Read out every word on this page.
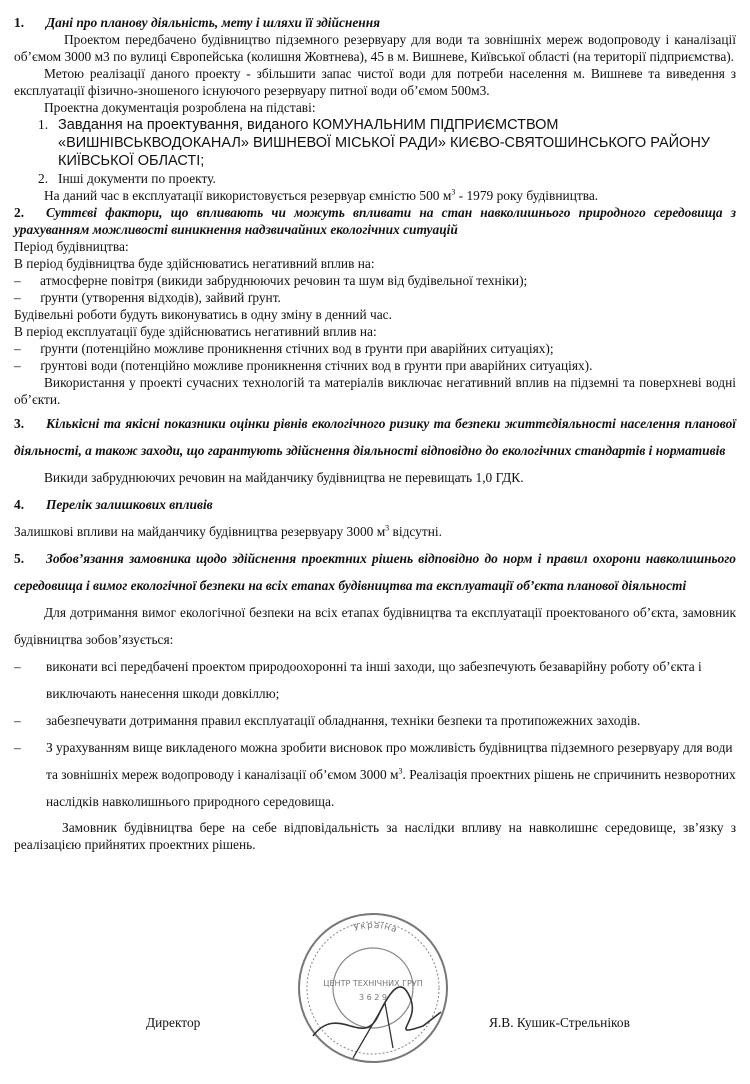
1. Дані про планову діяльність, мету і шляхи її здійснення

Проектом передбачено будівництво підземного резервуару для води та зовнішніх мереж водопроводу і каналізації об’ємом 3000 м3 по вулиці Європейська (колишня Жовтнева), 45 в м. Вишневе, Київської області (на території підприємства).

Метою реалізації даного проекту - збільшити запас чистої води для потреби населення м. Вишневе та виведення з експлуатації фізично-зношеного існуючого резервуару питної води об’ємом 500м3.

Проектна документація розроблена на підставі:

1. Завдання на проектування, виданого КОМУНАЛЬНИМ ПІДПРИЄМСТВОМ «ВИШНІВСЬКВОДОКАНАЛ» ВИШНЕВОЇ МІСЬКОЇ РАДИ» КИЄВО-СВЯТОШИНСЬКОГО РАЙОНУ КИЇВСЬКОЇ ОБЛАСТІ;
2. Інші документи по проекту.

На даний час в експлуатації використовується резервуар ємністю 500 $м^3 - 1979$ року будівництва.

2. Суттєві фактори, що впливають чи можуть впливати на стан навколишнього природного середовища з урахуванням можливості виникнення надзвичайних екологічних ситуацій

Період будівництва:

В період будівництва буде здійснюватись негативний вплив на:

–	атмосферне повітря (викиди забруднюючих речовин та шум від будівельної техніки);
–	ґрунти (утворення відходів), зайвий ґрунт.

Будівельні роботи будуть виконуватись в одну зміну в денний час.

В період експлуатації буде здійснюватись негативний вплив на:

–	ґрунти (потенційно можливе проникнення стічних вод в ґрунти при аварійних ситуаціях);
–	ґрунтові води (потенційно можливе проникнення стічних вод в ґрунти при аварійних ситуаціях).

Використання у проекті сучасних технологій та матеріалів виключає негативний вплив на підземні та поверхневі водні об’єкти.

3. Кількісні та якісні показники оцінки рівнів екологічного ризику та безпеки життєдіяльності населення планової діяльності, а також заходи, що гарантують здійснення діяльності відповідно до екологічних стандартів і нормативів

Викиди забруднюючих речовин на майданчику будівництва не перевищать 1,0 ГДК.

4. Перелік залишкових впливів

Залишкові впливи на майданчику будівництва резервуару 3000 $м^3$ відсутні.

5. Зобов’язання замовника щодо здійснення проектних рішень відповідно до норм і правил охорони навколишнього середовища і вимог екологічної безпеки на всіх етапах будівництва та експлуатації об’єкта планової діяльності

Для дотримання вимог екологічної безпеки на всіх етапах будівництва та експлуатації проектованого об’єкта, замовник будівництва зобов’язується:

–	виконати всі передбачені проектом природоохоронні та інші заходи, що забезпечують безаварійну роботу об’єкта і виключають нанесення шкоди довкіллю;
–	забезпечувати дотримання правил експлуатації обладнання, техніки безпеки та протипожежних заходів.
–	З урахуванням вище викладеного можна зробити висновок про можливість будівництва підземного резервуару для води та зовнішніх мереж водопроводу і каналізації об’ємом 3000 $м^3$. Реалізація проектних рішень не спричинить незворотних наслідків навколишнього природного середовища.

Замовник будівництва бере на себе відповідальність за наслідки впливу на навколишнє середовище, зв’язку з реалізацією прийнятих проектних рішень.

Директор	Я.В. Кушик-Стрельніков
Україна
ЦЕНТР ТЕХНІЧНИХ ГРУП
3 6 2 9
